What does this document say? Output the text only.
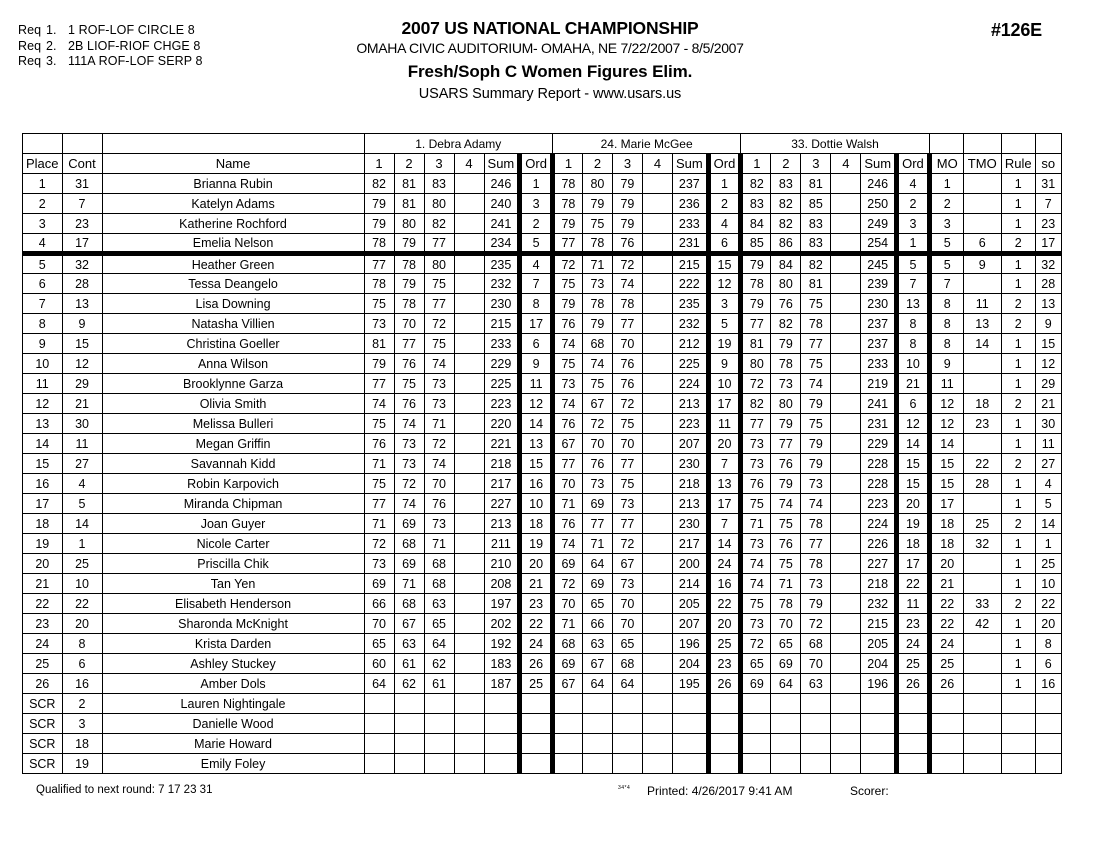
Req 1. 1 ROF-LOF CIRCLE 8
Req 2. 2B LIOF-RIOF CHGE 8
Req 3. 111A ROF-LOF SERP 8
2007 US NATIONAL CHAMPIONSHIP
OMAHA CIVIC AUDITORIUM- OMAHA, NE 7/22/2007 - 8/5/2007
Fresh/Soph C Women Figures Elim.
USARS Summary Report - www.usars.us
#126E
			1. Debra Adamy						24. Marie McGee						33. Dottie Walsh									
Place	Cont	Name	1	2	3	4	Sum	Ord	1	2	3	4	Sum	Ord	1	2	3	4	Sum	Ord	MO	TMO	Rule	so
1	31	Brianna Rubin	82	81	83		246	1	78	80	79		237	1	82	83	81		246	4	1		1	31
2	7	Katelyn Adams	79	81	80		240	3	78	79	79		236	2	83	82	85		250	2	2		1	7
3	23	Katherine Rochford	79	80	82		241	2	79	75	79		233	4	84	82	83		249	3	3		1	23
4	17	Emelia Nelson	78	79	77		234	5	77	78	76		231	6	85	86	83		254	1	5	6	2	17
5	32	Heather Green	77	78	80		235	4	72	71	72		215	15	79	84	82		245	5	5	9	1	32
6	28	Tessa Deangelo	78	79	75		232	7	75	73	74		222	12	78	80	81		239	7	7		1	28
7	13	Lisa Downing	75	78	77		230	8	79	78	78		235	3	79	76	75		230	13	8	11	2	13
8	9	Natasha Villien	73	70	72		215	17	76	79	77		232	5	77	82	78		237	8	8	13	2	9
9	15	Christina Goeller	81	77	75		233	6	74	68	70		212	19	81	79	77		237	8	8	14	1	15
10	12	Anna Wilson	79	76	74		229	9	75	74	76		225	9	80	78	75		233	10	9		1	12
11	29	Brooklynne Garza	77	75	73		225	11	73	75	76		224	10	72	73	74		219	21	11		1	29
12	21	Olivia Smith	74	76	73		223	12	74	67	72		213	17	82	80	79		241	6	12	18	2	21
13	30	Melissa Bulleri	75	74	71		220	14	76	72	75		223	11	77	79	75		231	12	12	23	1	30
14	11	Megan Griffin	76	73	72		221	13	67	70	70		207	20	73	77	79		229	14	14		1	11
15	27	Savannah Kidd	71	73	74		218	15	77	76	77		230	7	73	76	79		228	15	15	22	2	27
16	4	Robin Karpovich	75	72	70		217	16	70	73	75		218	13	76	79	73		228	15	15	28	1	4
17	5	Miranda Chipman	77	74	76		227	10	71	69	73		213	17	75	74	74		223	20	17		1	5
18	14	Joan Guyer	71	69	73		213	18	76	77	77		230	7	71	75	78		224	19	18	25	2	14
19	1	Nicole Carter	72	68	71		211	19	74	71	72		217	14	73	76	77		226	18	18	32	1	1
20	25	Priscilla Chik	73	69	68		210	20	69	64	67		200	24	74	75	78		227	17	20		1	25
21	10	Tan Yen	69	71	68		208	21	72	69	73		214	16	74	71	73		218	22	21		1	10
22	22	Elisabeth Henderson	66	68	63		197	23	70	65	70		205	22	75	78	79		232	11	22	33	2	22
23	20	Sharonda McKnight	70	67	65		202	22	71	66	70		207	20	73	70	72		215	23	22	42	1	20
24	8	Krista Darden	65	63	64		192	24	68	63	65		196	25	72	65	68		205	24	24		1	8
25	6	Ashley Stuckey	60	61	62		183	26	69	67	68		204	23	65	69	70		204	25	25		1	6
26	16	Amber Dols	64	62	61		187	25	67	64	64		195	26	69	64	63		196	26	26		1	16
SCR	2	Lauren Nightingale																						
SCR	3	Danielle Wood																						
SCR	18	Marie Howard																						
SCR	19	Emily Foley																						
Qualified to next round: 7 17 23 31	34*4 Printed: 4/26/2017 9:41 AM	Scorer:
